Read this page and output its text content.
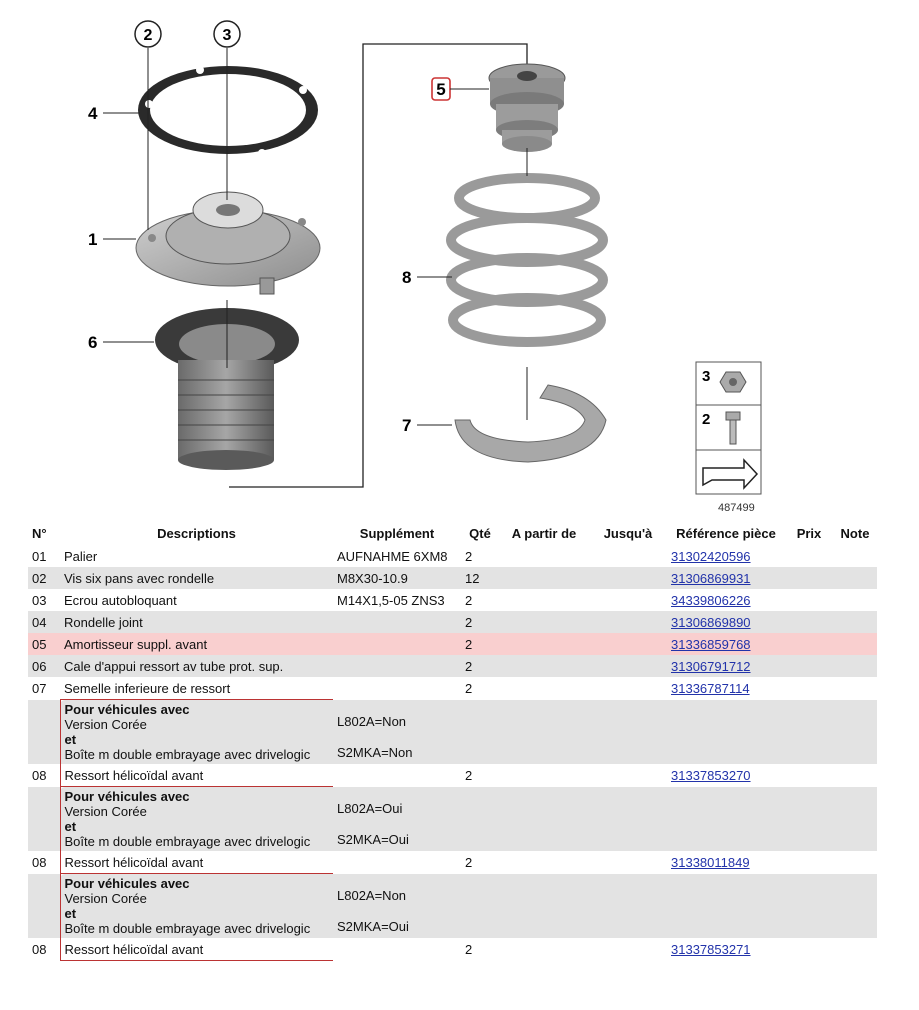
2	3
4
1
6
5
8
7
3
2
487499
N°	Descriptions	Supplément	Qté	A partir de	Jusqu'à	Référence pièce	Prix	Note
01	Palier	AUFNAHME 6XM8	2			31302420596		
02	Vis six pans avec rondelle	M8X30-10.9	12			31306869931		
03	Ecrou autobloquant	M14X1,5-05 ZNS3	2			34339806226		
04	Rondelle joint		2			31306869890		
05	Amortisseur suppl. avant		2			31336859768		
06	Cale d'appui ressort av tube prot. sup.		2			31306791712		
07	Semelle inferieure de ressort		2			31336787114		

	Pour véhicules avec
Version Corée
et
Boîte m double embrayage avec drivelogic	L802A=Non
S2MKA=Non						

08	Ressort hélicoïdal avant		2			31337853270		

	Pour véhicules avec
Version Corée
et
Boîte m double embrayage avec drivelogic	L802A=Oui
S2MKA=Oui						

08	Ressort hélicoïdal avant		2			31338011849		

	Pour véhicules avec
Version Corée
et
Boîte m double embrayage avec drivelogic	L802A=Non
S2MKA=Oui						

08	Ressort hélicoïdal avant		2			31337853271		
